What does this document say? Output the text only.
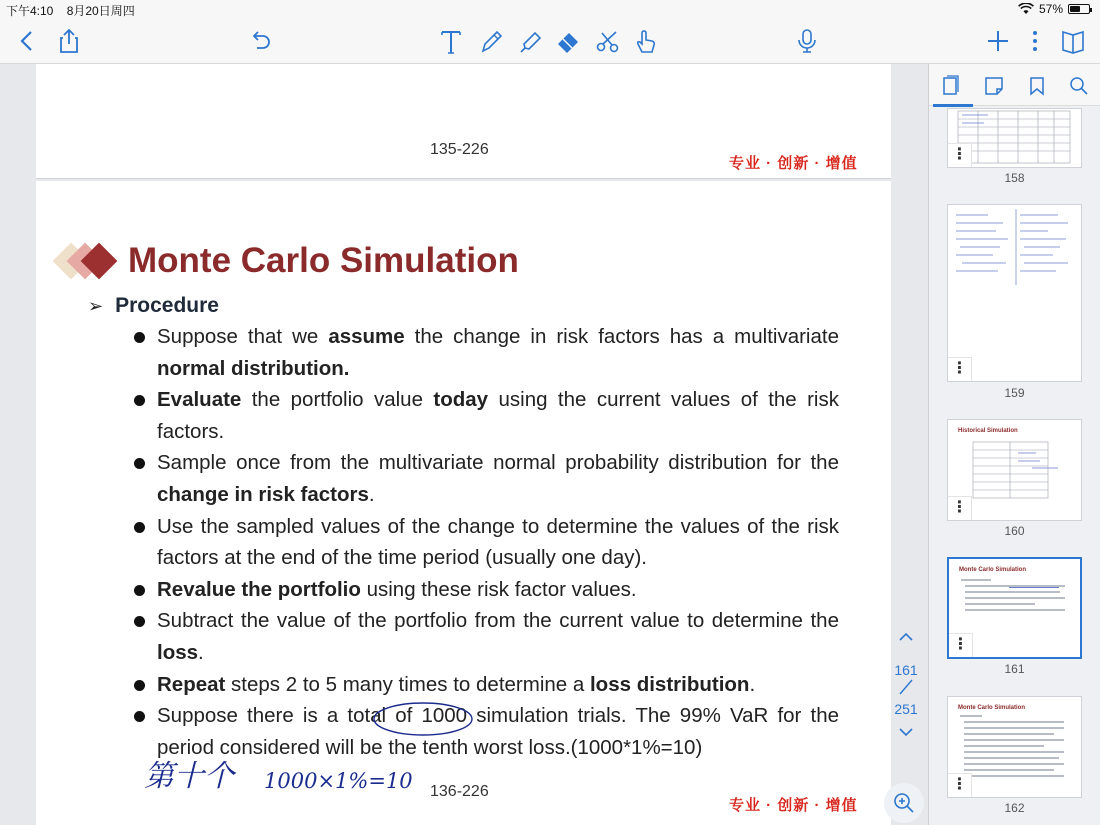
下午4:10 8月20日周四	57%
135-226
专业 · 创新 · 增值
Monte Carlo Simulation
➢ Procedure
Suppose that we assume the change in risk factors has a multivariate normal distribution.
Evaluate the portfolio value today using the current values of the risk factors.
Sample once from the multivariate normal probability distribution for the change in risk factors.
Use the sampled values of the change to determine the values of the risk factors at the end of the time period (usually one day).
Revalue the portfolio using these risk factor values.
Subtract the value of the portfolio from the current value to determine the loss.
Repeat steps 2 to 5 many times to determine a loss distribution.
Suppose there is a total of 1000 simulation trials. The 99% VaR for the period considered will be the tenth worst loss.(1000*1%=10)
第十个 1000×1%=10 136-226
专业 · 创新 · 增值
161
251
⋮
158
⋮
159
Historical Simulation
⋮
160
Monte Carlo Simulation
⋮
161
Monte Carlo Simulation
⋮
162
